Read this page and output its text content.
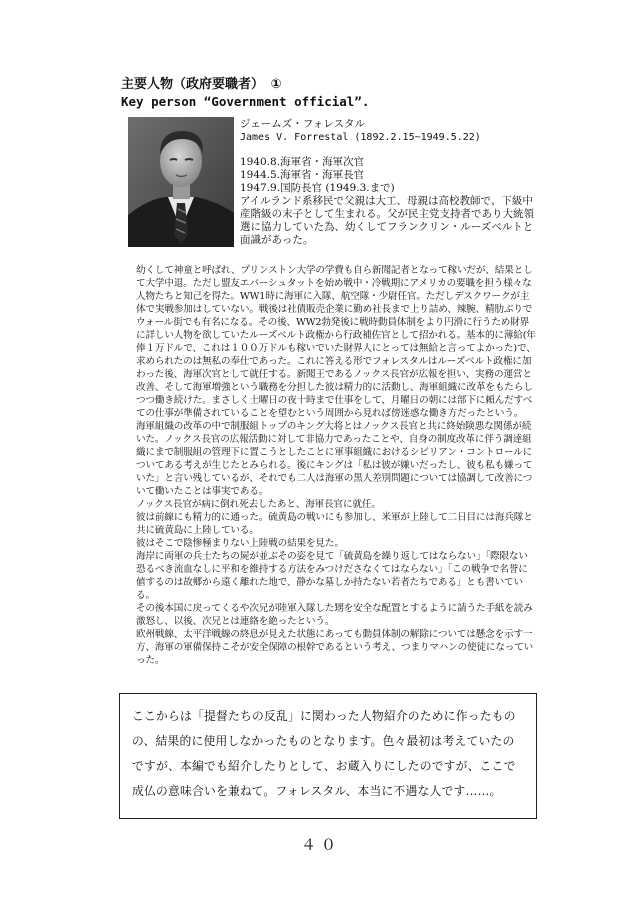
主要人物（政府要職者）　①
Key person “Government official”.
ジェームズ・フォレスタル
James V. Forrestal (1892.2.15~1949.5.22)
1940.8.海軍省・海軍次官
1944.5.海軍省・海軍長官
1947.9.国防長官 (1949.3.まで)
アイルランド系移民で父親は大工、母親は高校教師で、下級中産階級の末子として生まれる。父が民主党支持者であり大統領選に協力していた為、幼くしてフランクリン・ルーズベルトと面識があった。

幼くして神童と呼ばれ、プリンストン大学の学費も自ら新聞記者となって稼いだが、結果として大学中退。ただし盟友エバーシュタットを始め戦中・冷戦期にアメリカの要職を担う様々な人物たちと知己を得た。WW1時に海軍に入隊、航空隊・少尉任官。ただしデスクワークが主体で実戦参加はしていない。戦後は社債販売企業に勤め社長まで上り詰め、辣腕、精肋ぶりでウォール街でも有名になる。その後、WW2勃発後に戦時動員体制をより円滑に行うため財界に詳しい人物を欲していたルーズベルト政権から行政補佐官として招かれる。基本的に薄給(年俸１万ドルで、これは１００万ドルも稼いでいた財界人にとっては無給と言ってよかった)で、求められたのは無私の奉仕であった。これに答える形でフォレスタルはルーズベルト政権に加わった後、海軍次官として就任する。新聞王であるノックス長官が広報を担い、実務の運営と改善、そして海軍増強という職務を分担した彼は精力的に活動し、海軍組織に改革をもたらしつつ働き続けた。まさしく土曜日の夜十時まで仕事をして、月曜日の朝には部下に頼んだすべての仕事が準備されていることを望むという周囲から見れば傍迷惑な働き方だったという。

海軍組織の改革の中で制服組トップのキング大将とはノックス長官と共に終始険悪な関係が続いた。ノックス長官の広報活動に対して非協力であったことや、自身の制度改革に伴う調達組織にまで制服組の管理下に置こうとしたことに軍事組織におけるシビリアン・コントロールについてある考えが生じたとみられる。後にキングは「私は彼が嫌いだったし、彼も私も嫌っていた」と言い残しているが、それでも二人は海軍の黒人差別問題については協調して改善について働いたことは事実である。

ノックス長官が病に倒れ死去したあと、海軍長官に就任。

彼は前線にも精力的に通った。硫黄島の戦いにも参加し、米軍が上陸して二日目には海兵隊と共に硫黄島に上陸している。

彼はそこで陰惨極まりない上陸戦の結果を見た。

海岸に両軍の兵士たちの屍が並ぶその姿を見て「硫黄島を繰り返してはならない」「際限ない恐るべき流血なしに平和を維持する方法をみつけださなくてはならない」「この戦争で名誉に値するのは故郷から遠く離れた地で、静かな墓しか持たない若者たちである」とも書いている。

その後本国に戻ってくるや次兄が陸軍入隊した甥を安全な配置とするように請うた手紙を読み激怒し、以後、次兄とは連絡を絶ったという。

欧州戦線、太平洋戦線の終息が見えた状態にあっても動員体制の解除については懸念を示す一方、海軍の軍備保持こそが安全保障の根幹であるという考え、つまりマハンの使徒になっていった。

ここからは「提督たちの反乱」に関わった人物紹介のために作ったものの、結果的に使用しなかったものとなります。色々最初は考えていたのですが、本編でも紹介したりとして、お蔵入りにしたのですが、ここで成仏の意味合いを兼ねて。フォレスタル、本当に不遇な人です……。

４０
